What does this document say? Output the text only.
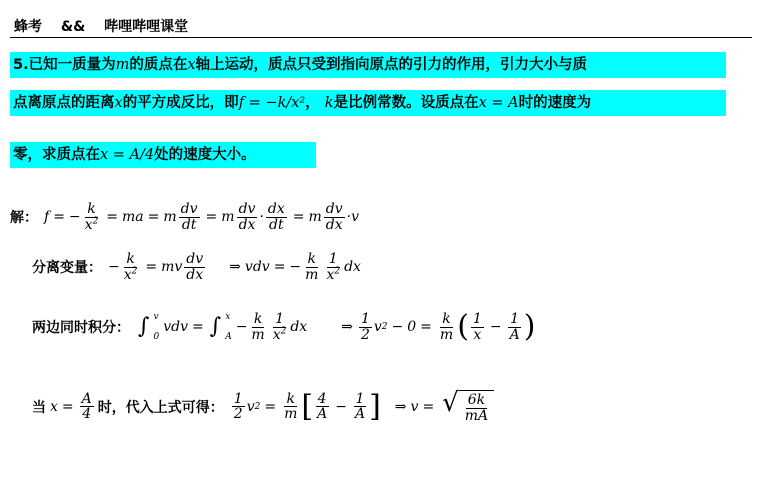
蜂考 && 哔哩哔哩课堂
5.已知一质量为m的质点在x轴上运动，质点只受到指向原点的引力的作用，引力大小与质
点离原点的距离x的平方成反比，即f = −k/x²， k是比例常数。设质点在x = A时的速度为
零，求质点在x = A/4处的速度大小。
解： f = − $\frac{k}{x^2}$ = ma = m $\frac{dv}{dt} = m \frac{dv}{dx} \cdot \frac{dx}{dt} = m \frac{dv}{dx} \cdot v$
分离变量： − $\frac{k}{x^2}$ = mv $\frac{dv}{dx}$ ⇒ vdv = − $\frac{k}{m} \frac{1}{x^2}$ dx
两边同时积分： ∫ v
0
vdv = ∫ x
A
− $\frac{k}{m} \frac{1}{x^2}$ dx ⇒ $\frac{1}{2}$ v $2 - 0 = \frac{k}{m}$ ( $\frac{1}{x} - \frac{1}{A}$ )
当 $x = \frac{A}{4}$ 时，代入上式可得： $\frac{1}{2}$ v $2 = \frac{k}{m}$ [ $\frac{4}{A} - \frac{1}{A}$ ] ⇒ v = √ $\frac{6k}{mA}$
